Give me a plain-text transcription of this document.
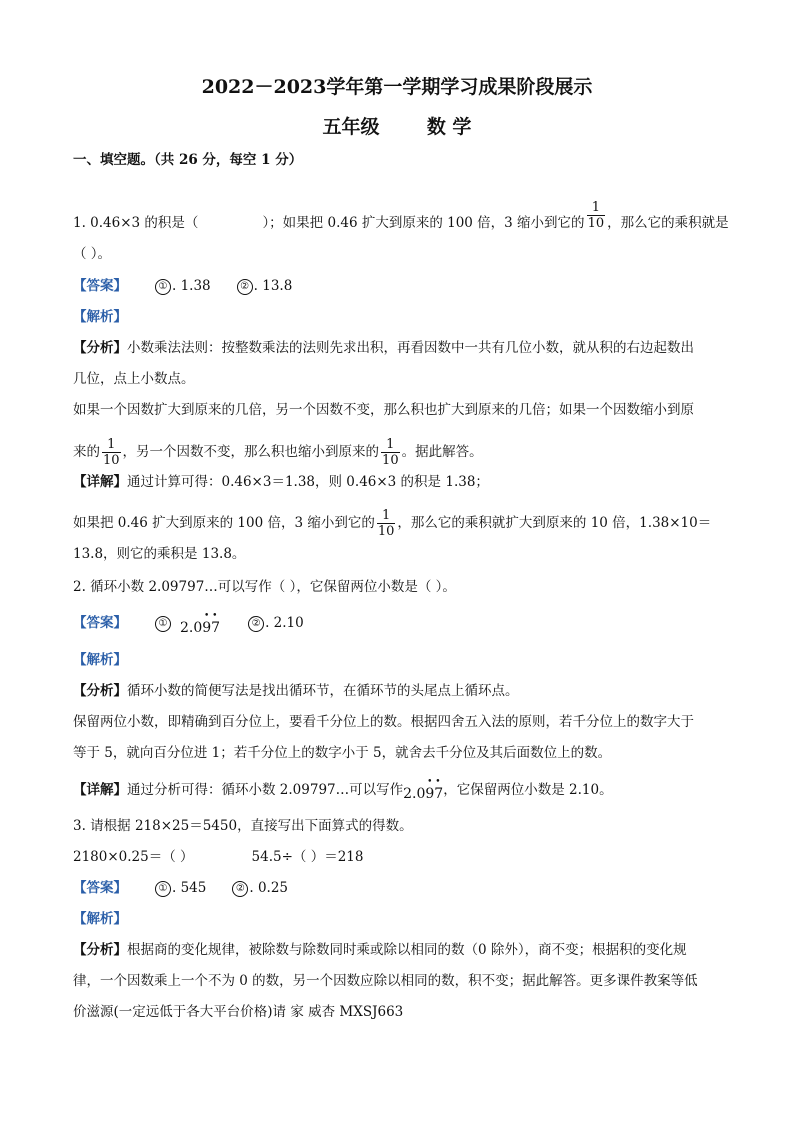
2022－2023学年第一学期学习成果阶段展示
五年级 数 学
一、填空题。（共 26 分，每空 1 分）
1. 0.46×3 的积是（	）；如果把 0.46 扩大到原来的 100 倍，3 缩小到它的 $\frac{1}{10}$ ，那么它的乘积就是
（ ）。
【答案】	① . 1.38	② . 13.8
【解析】
【分析】小数乘法法则：按整数乘法的法则先求出积，再看因数中一共有几位小数，就从积的右边起数出
几位，点上小数点。
如果一个因数扩大到原来的几倍，另一个因数不变，那么积也扩大到原来的几倍；如果一个因数缩小到原
来的 $\frac{1}{10}$ ，另一个因数不变，那么积也缩小到原来的 $\frac{1}{10}$ 。据此解答。
【详解】通过计算可得：0.46×3＝1.38，则 0.46×3 的积是 1.38；
如果把 0.46 扩大到原来的 100 倍，3 缩小到它的 $\frac{1}{10}$ ，那么它的乘积就扩大到原来的 10 倍，1.38×10＝
13.8，则它的乘积是 13.8。
2. 循环小数 2.09797…可以写作（ ），它保留两位小数是（ ）。
【答案】	① 2.097
• •
② . 2.10
【解析】
【分析】循环小数的简便写法是找出循环节，在循环节的头尾点上循环点。
保留两位小数，即精确到百分位上，要看千分位上的数。根据四舍五入法的原则，若千分位上的数字大于
等于 5，就向百分位进 1；若千分位上的数字小于 5，就舍去千分位及其后面数位上的数。
【详解】通过分析可得：循环小数 2.09797…可以写作2.097
• • ，它保留两位小数是 2.10。
3. 请根据 218×25＝5450，直接写出下面算式的得数。
2180×0.25＝（ ）	54.5÷（ ）＝218
【答案】	① . 545	② . 0.25
【解析】
【分析】根据商的变化规律，被除数与除数同时乘或除以相同的数（0 除外），商不变；根据积的变化规
律，一个因数乘上一个不为 0 的数，另一个因数应除以相同的数，积不变；据此解答。更多课件教案等低
价滋源(一定远低于各大平台价格)请 家 威杏 MXSJ663
